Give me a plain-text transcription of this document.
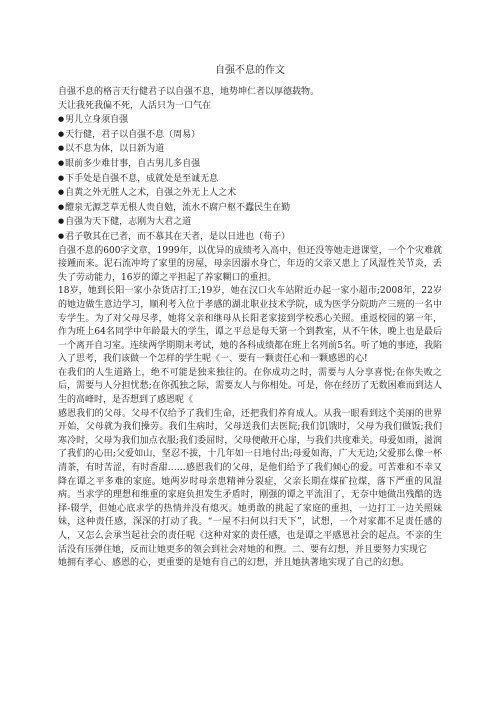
自强不息的作文

自强不息的格言天行健君子以自强不息，地势坤仁者以厚德载物。

天让我死我偏不死，人活只为一口气在

● 男儿立身须自强

● 天行健，君子以自强不息（周易）

● 以不息为体，以日新为道

● 眼前多少难甘事，自古男儿多自强

● 下手处是自强不息，成就处是至诚无息

● 自黄之外无胜人之术，自强之外无上人之术

● 醴泉无源芝草无根人贵自勉，流水不腐户枢不蠹民生在勤

● 自强为天下健，志刚为大君之道

● 君子敬其在已者，而不慕其在天者，是以日进也（荀子）

自强不息的600字文章，1999年，以优异的成绩考入高中，但还没等她走进课堂，一个个灾难就接踵而来。泥石流冲垮了家里的房屋，母亲因溺水身亡，年迈的父亲又患上了风湿性关节炎，丢失了劳动能力，16岁的谭之平担起了养家糊口的重担。

18岁，她到长阳一家小杂货店打工;19岁，她在汉口火车站附近办起一家小超市;2008年，22岁的她边做生意边学习，顺利考入位于孝感的湖北职业技术学院，成为医学分院助产三班的一名中专学生。为了对父母尽孝，她将父亲和继母从长阳老家接到学校悉心关照。重返校园的第一年，作为班上64名同学中年龄最大的学生，谭之平总是每天第一个到教室，从不午休，晚上也是最后一个离开自习室。连续两学期期末考试，她的各科成绩都在班上名列前5名。听了她的事迹，我陷入了思考，我们该做一个怎样的学生呢《一、要有一颗责任心和一颗感恩的心!

在我们的人生道路上，绝不可能是独来独往的。在你成功之时，需要与人分享喜悦;在你失败之后，需要与人分担忧愁;在你孤独之际，需要友人与你相处。可是，你在经历了无数困难而到达人生的高峰时，是否想到了感恩呢《

感恩我们的父母。父母不仅给予了我们生命，还把我们养育成人。从我一眼看到这个美丽的世界开始，父母就为我们操劳。我们生病时，父母送我们去医院;我们饥饿时，父母为我们做饭;我们寒冷时，父母为我们加点衣服;我们委屈时，父母便敞开心扉，与我们共度难关。母爱如雨，滋润了我们的心田;父爱如山，坚忍不拔，十几年如一日地付出;母爱如海，广大无边;父爱那么像一杯清茶，有时苦涩，有时香甜……感恩我们的父母，是他们给予了我们倾心的爱。可苦难和不幸又降在谭之平多难的家庭。她两岁时母亲患精神分裂症，父亲长期在煤矿拉煤，落下严重的风湿病。当求学的理想和维重的家庭负担发生矛盾时，刚强的谭之平流泪了，无奈中她做出残酷的选择-辍学，但她心底求学的热情并没有熄灭。她勇敢的挑起了家庭的重担，一边打工一边关照妹妹，这种责任感，深深的打动了我。“一屋不扫何以扫天下”，试想，一个对家都不足责任感的人，又怎么会承当起社会的责任呢《这种对家的责任感，也是谭之平感恩社会的起点。不亲的生活没有压弹住她，反而让她更多的领会到社会对她的和煦。二、要有幻想，并且要努力实现它

她拥有孝心、感恩的心，更重要的是她有自己的幻想，并且她执著地实现了自己的幻想。
